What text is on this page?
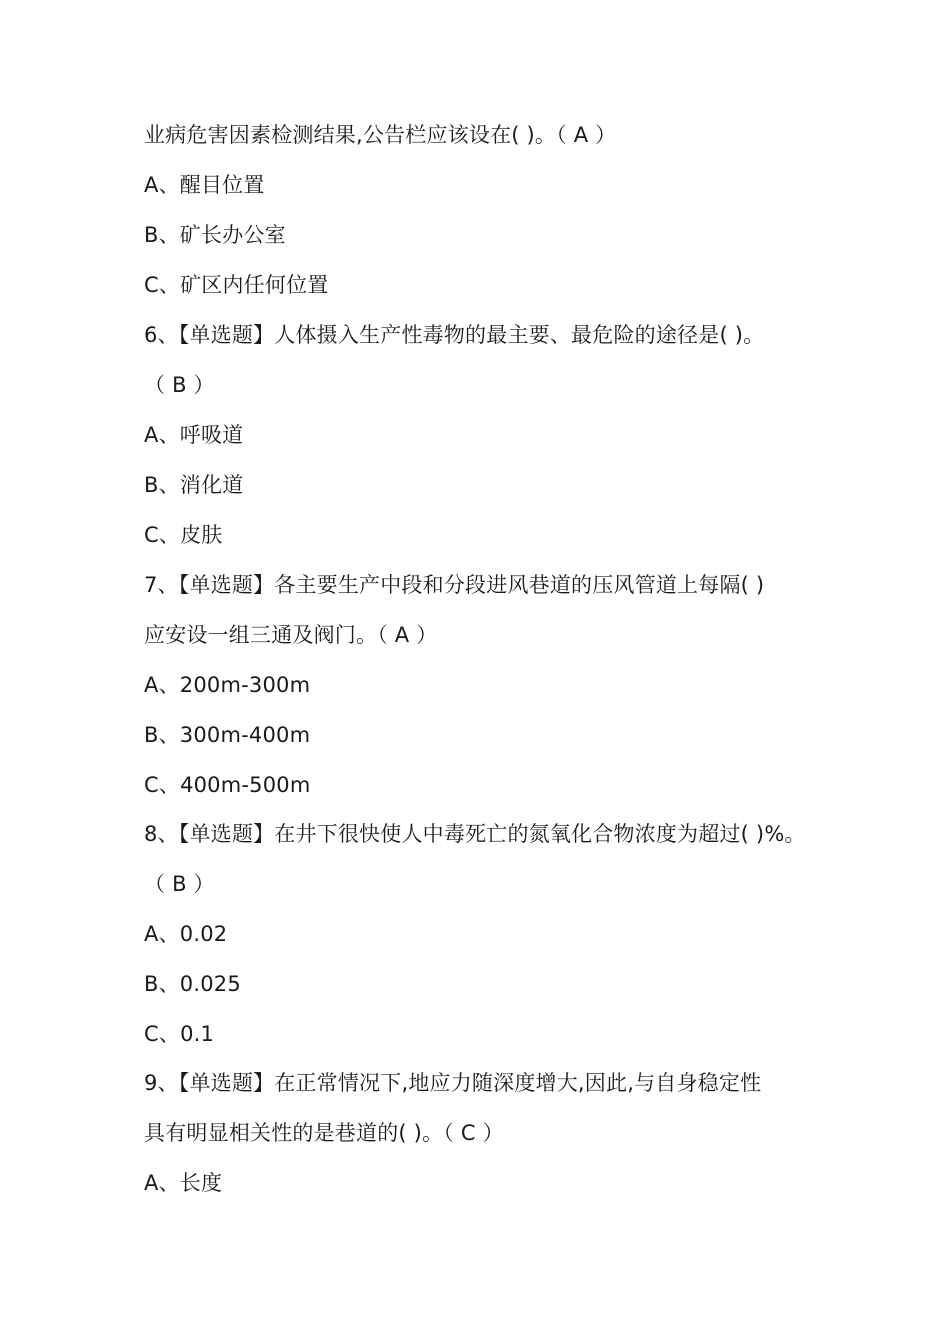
业病危害因素检测结果,公告栏应该设在( )。（ A ）
A、醒目位置
B、矿长办公室
C、矿区内任何位置
6、【单选题】人体摄入生产性毒物的最主要、最危险的途径是( )。
（ B ）
A、呼吸道
B、消化道
C、皮肤
7、【单选题】各主要生产中段和分段进风巷道的压风管道上每隔( )
应安设一组三通及阀门。（ A ）
A、200m-300m
B、300m-400m
C、400m-500m
8、【单选题】在井下很快使人中毒死亡的氮氧化合物浓度为超过( )%。
（ B ）
A、0.02
B、0.025
C、0.1
9、【单选题】在正常情况下,地应力随深度增大,因此,与自身稳定性
具有明显相关性的是巷道的( )。（ C ）
A、长度
